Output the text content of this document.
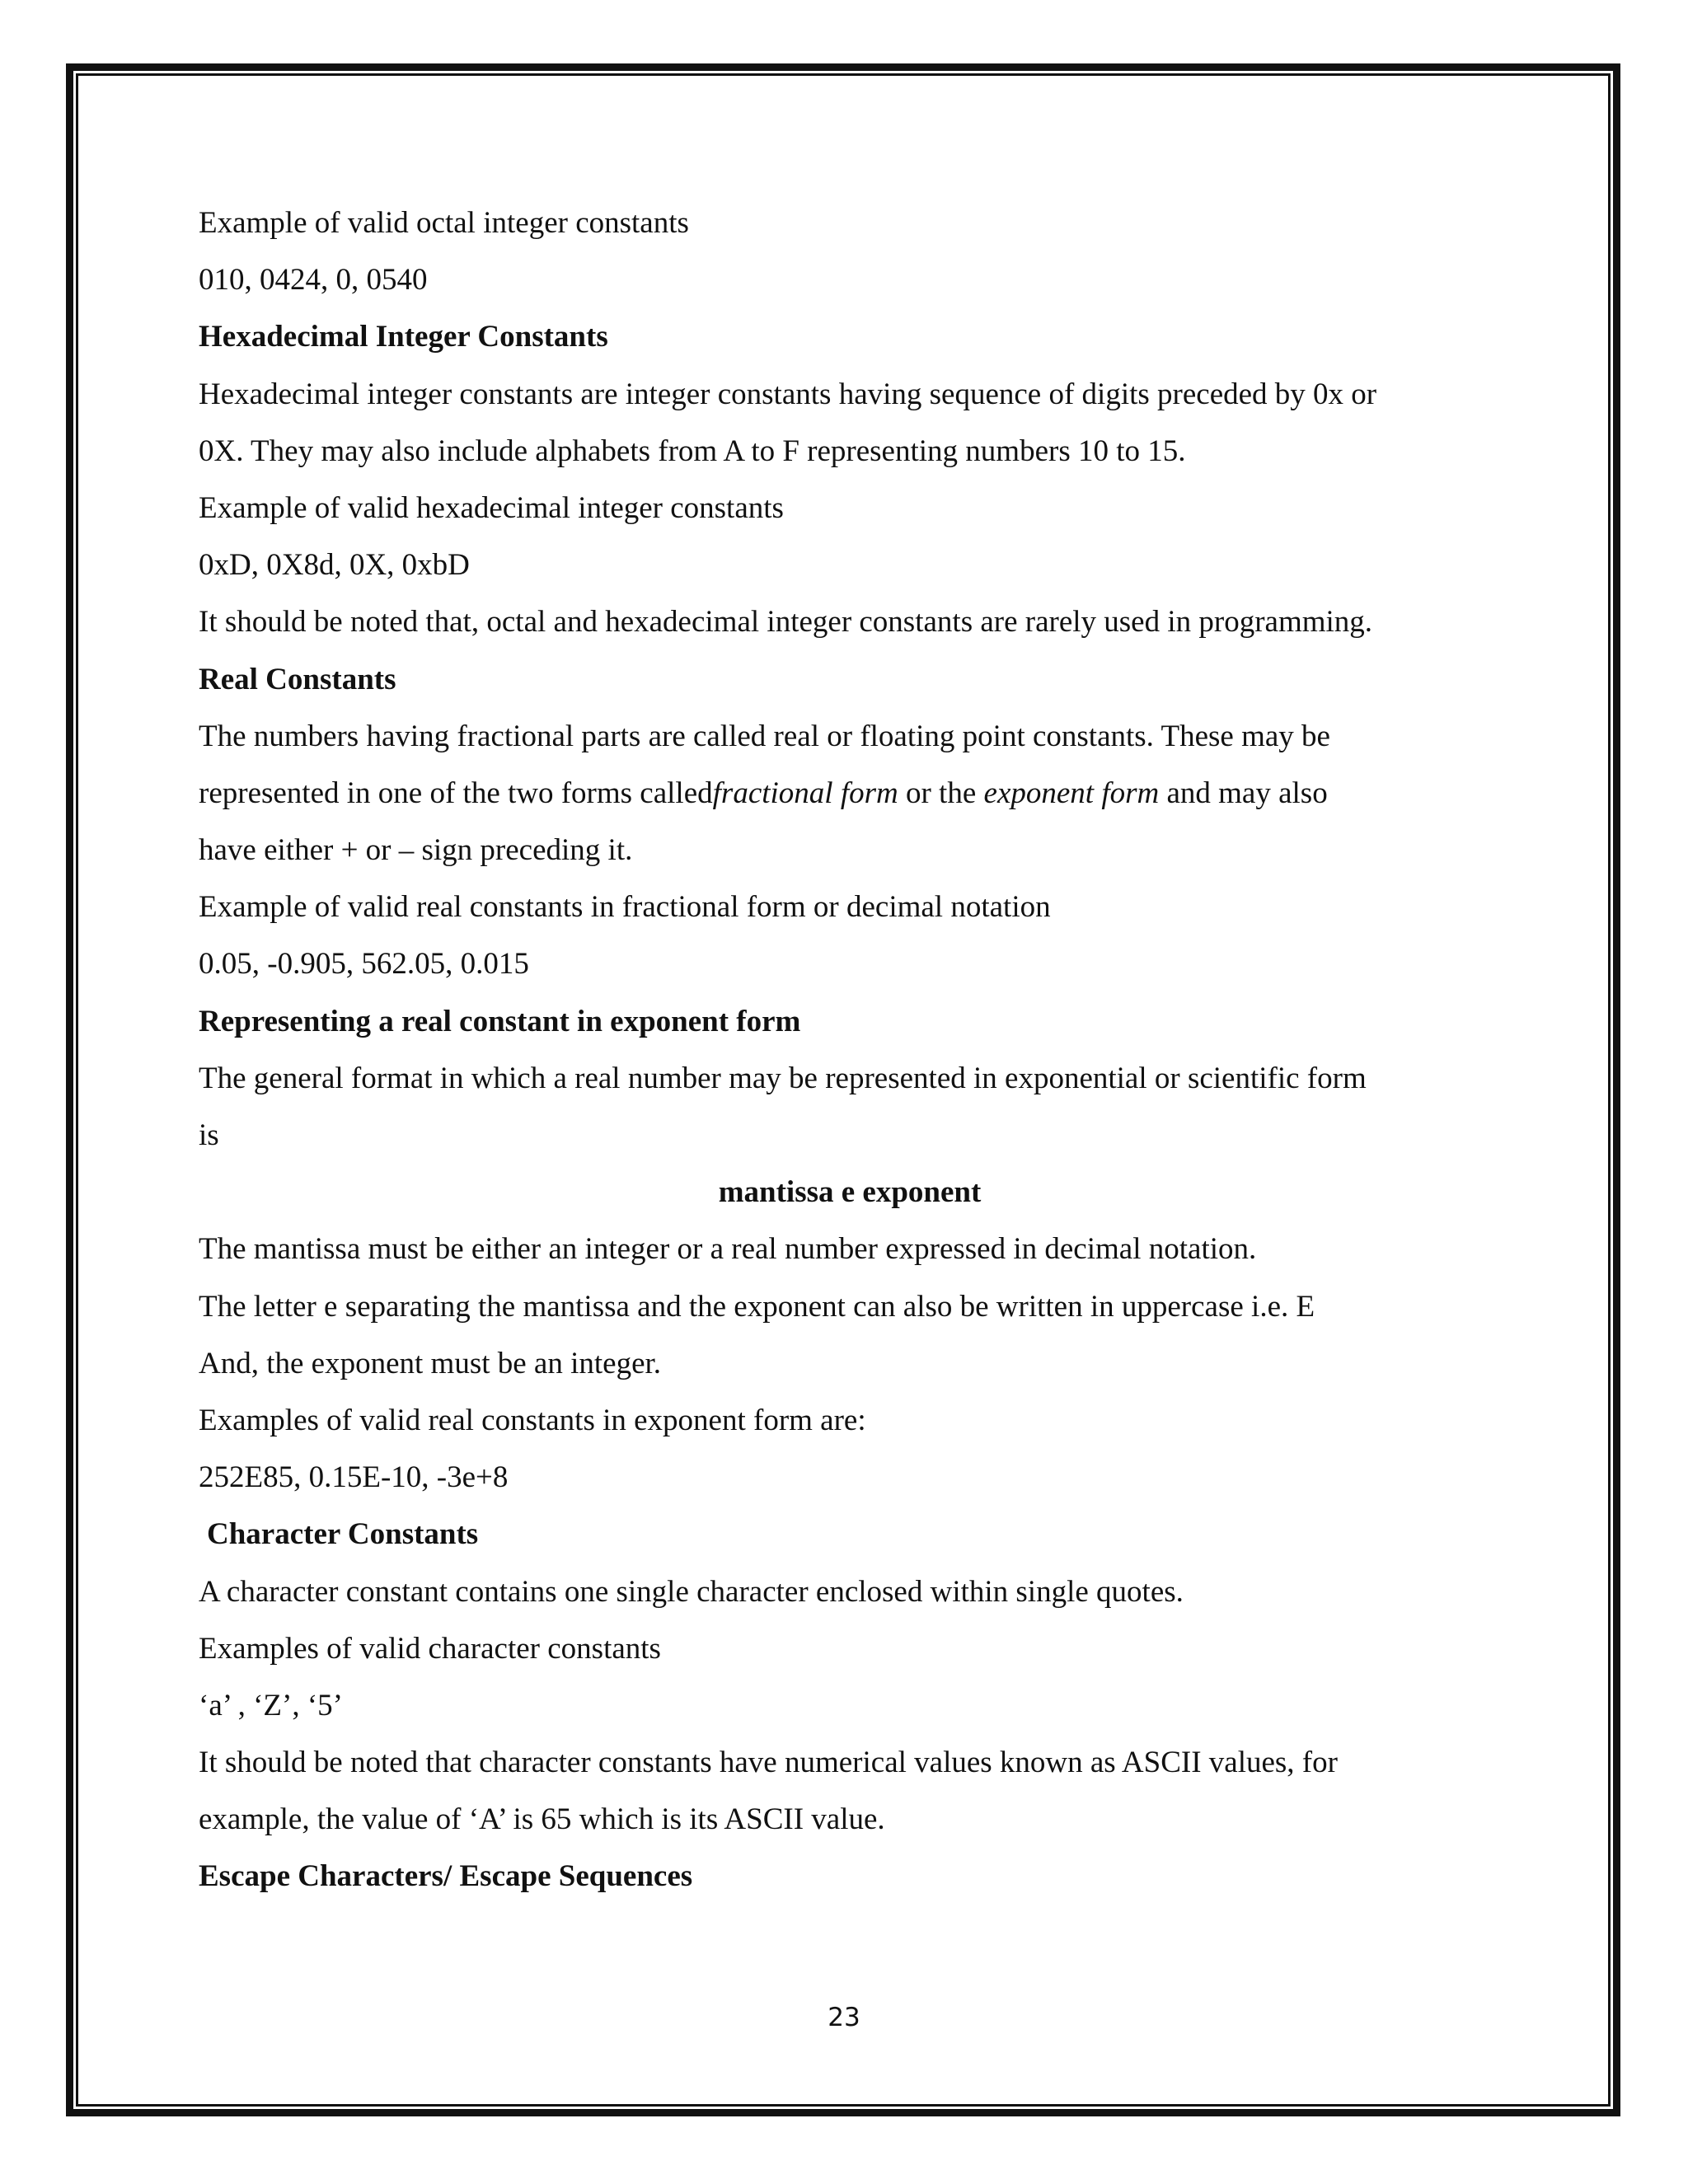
Example of valid octal integer constants
010, 0424, 0, 0540
Hexadecimal Integer Constants
Hexadecimal integer constants are integer constants having sequence of digits preceded by 0x or
0X. They may also include alphabets from A to F representing numbers 10 to 15.
Example of valid hexadecimal integer constants
0xD, 0X8d, 0X, 0xbD
It should be noted that, octal and hexadecimal integer constants are rarely used in programming.
Real Constants
The numbers having fractional parts are called real or floating point constants. These may be
represented in one of the two forms calledfractional form or the exponent form and may also
have either + or – sign preceding it.
Example of valid real constants in fractional form or decimal notation
0.05, -0.905, 562.05, 0.015
Representing a real constant in exponent form
The general format in which a real number may be represented in exponential or scientific form
is
mantissa e exponent
The mantissa must be either an integer or a real number expressed in decimal notation.
The letter e separating the mantissa and the exponent can also be written in uppercase i.e. E
And, the exponent must be an integer.
Examples of valid real constants in exponent form are:
252E85, 0.15E-10, -3e+8
Character Constants
A character constant contains one single character enclosed within single quotes.
Examples of valid character constants
‘a’ , ‘Z’, ‘5’
It should be noted that character constants have numerical values known as ASCII values, for
example, the value of ‘A’ is 65 which is its ASCII value.
Escape Characters/ Escape Sequences
23
